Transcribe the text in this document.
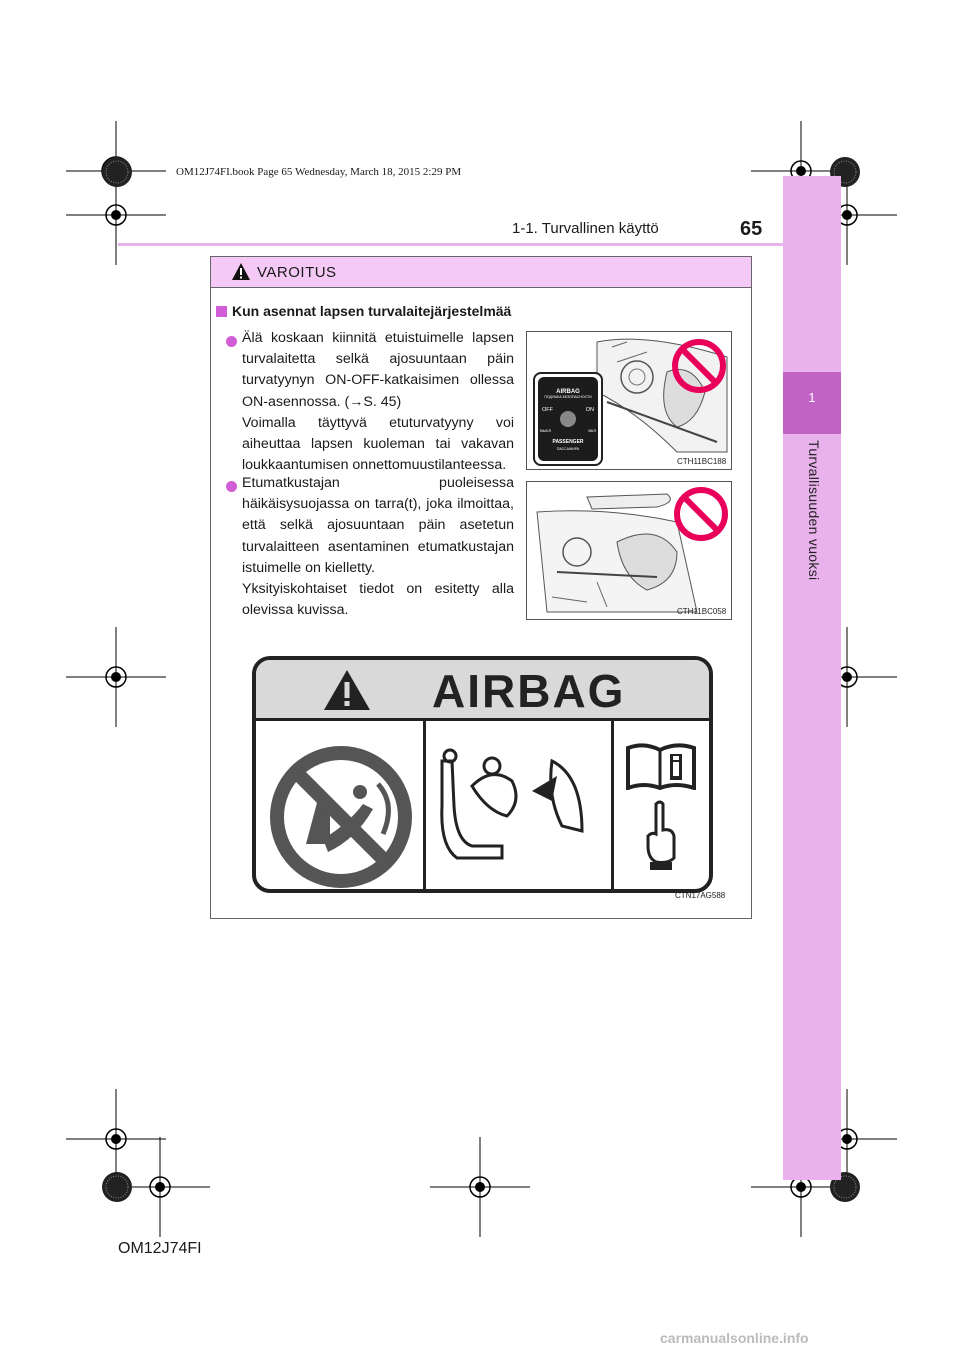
1
Turvallisuuden vuoksi
OM12J74FI.book Page 65 Wednesday, March 18, 2015 2:29 PM
1-1. Turvallinen käyttö	65
VAROITUS
Kun asennat lapsen turvalaitejärjestelmää

Älä koskaan kiinnitä etuistuimelle lapsen turvalaitetta selkä ajosuuntaan päin turvatyynyn ON-OFF-katkaisimen ollessa ON-asennossa. (→S. 45)

Voimalla täyttyvä etuturvatyyny voi aiheuttaa lapsen kuoleman tai vakavan loukkaantumisen onnettomuustilanteessa.

AIRBAG
ПОДУШКА БЕЗОПАСНОСТИ
OFF	ON
ВЫКЛ	ВКЛ
PASSENGER
ПАССАЖИРА
CTH11BC188

Etumatkustajan puoleisessa häikäisysuojassa on tarra(t), joka ilmoittaa, että selkä ajosuuntaan päin asetetun turvalaitteen asentaminen etumatkustajan istuimelle on kielletty.

Yksityiskohtaiset tiedot on esitetty alla olevissa kuvissa.	CTH11BC058
AIRBAG
CTN17AG588
OM12J74FI
carmanualsonline.info
